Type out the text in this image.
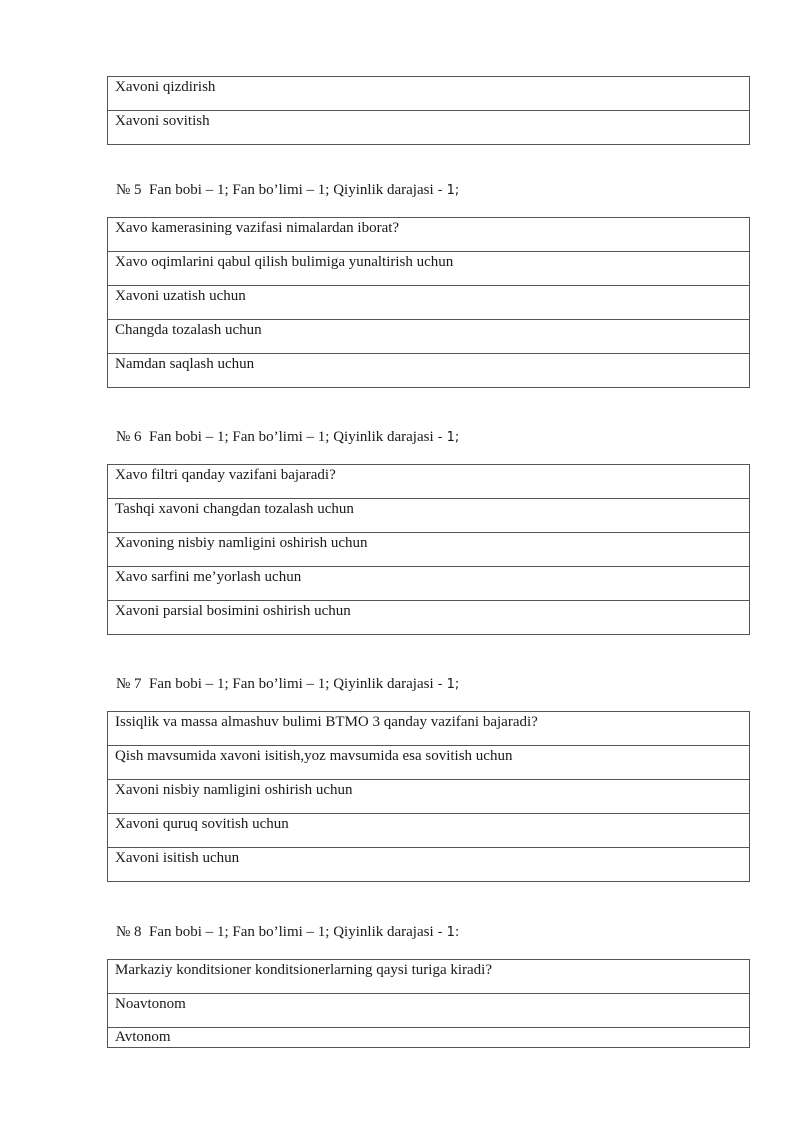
Xavoni qizdirish
Xavoni sovitish
№ 5  Fan bobi – 1; Fan bo’limi – 1; Qiyinlik darajasi - 1;
Xavo kamerasining vazifasi nimalardan iborat?
Xavo oqimlarini qabul qilish bulimiga yunaltirish uchun
Xavoni uzatish uchun
Changda tozalash uchun
Namdan saqlash uchun
№ 6  Fan bobi – 1; Fan bo’limi – 1; Qiyinlik darajasi - 1;
Xavo filtri qanday vazifani bajaradi?
Tashqi xavoni changdan tozalash uchun
Xavoning nisbiy namligini oshirish uchun
Xavo sarfini me’yorlash uchun
Xavoni parsial bosimini oshirish uchun
№ 7  Fan bobi – 1; Fan bo’limi – 1; Qiyinlik darajasi - 1;
Issiqlik va massa almashuv bulimi BTMO 3 qanday vazifani bajaradi?
Qish mavsumida xavoni isitish,yoz mavsumida esa sovitish uchun
Xavoni nisbiy namligini oshirish uchun
Xavoni quruq sovitish uchun
Xavoni isitish uchun
№ 8  Fan bobi – 1; Fan bo’limi – 1; Qiyinlik darajasi - 1:
Markaziy konditsioner konditsionerlarning qaysi turiga kiradi?
Noavtonom
Avtonom
